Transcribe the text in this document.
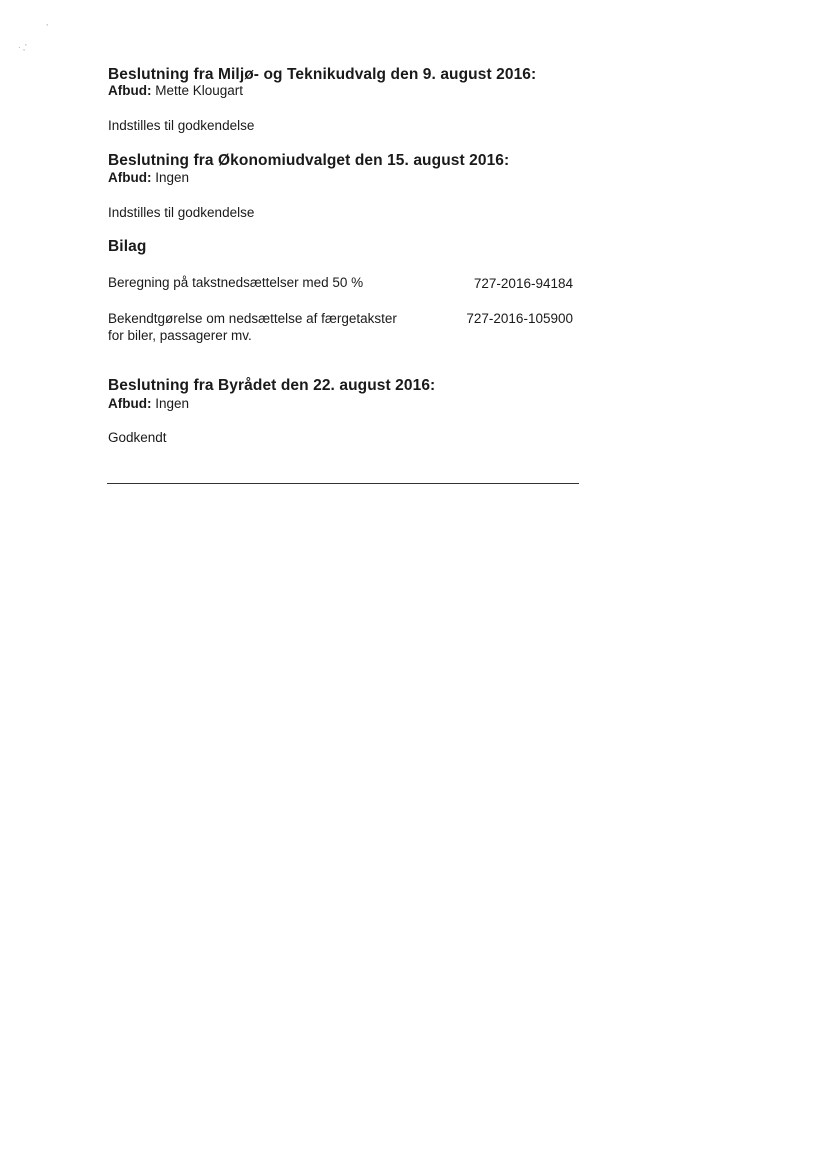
,
· ,'
Beslutning fra Miljø- og Teknikudvalg den 9. august 2016:
Afbud: Mette Klougart
Indstilles til godkendelse
Beslutning fra Økonomiudvalget den 15. august 2016:
Afbud: Ingen
Indstilles til godkendelse
Bilag
Beregning på takstnedsættelser med 50 %	727-2016-94184
Bekendtgørelse om nedsættelse af færgetakster
for biler, passagerer mv.
727-2016-105900
Beslutning fra Byrådet den 22. august 2016:
Afbud: Ingen
Godkendt
